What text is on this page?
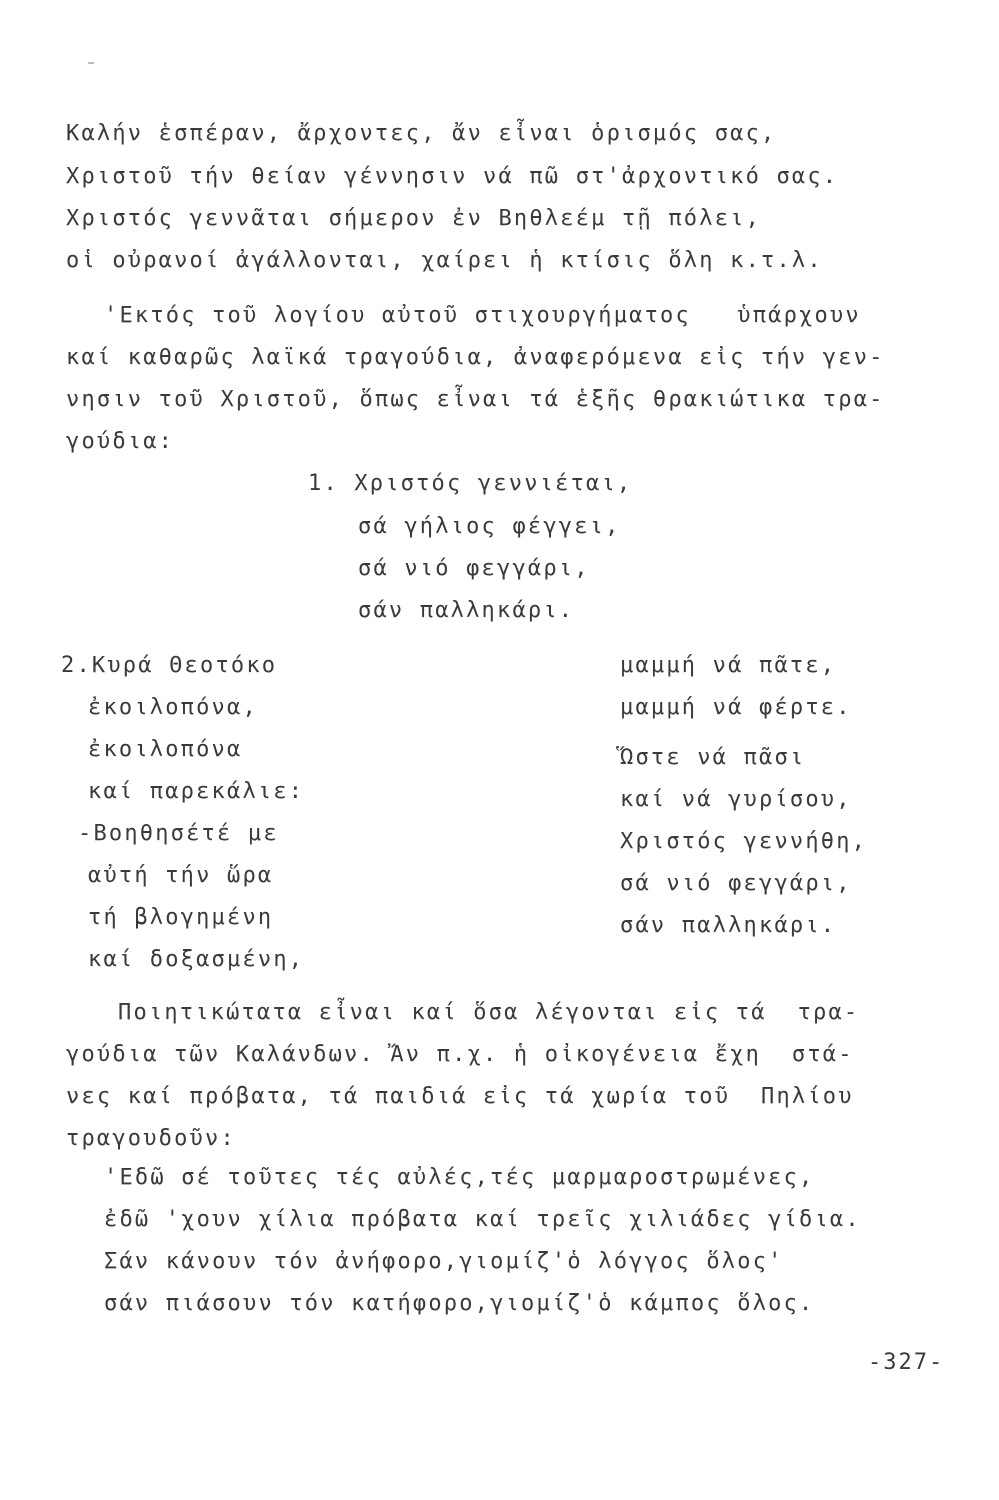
Καλήν ἑσπέραν, ἄρχοντες, ἄν εἶναι ὁρισμός σας,
Χριστοῦ τήν θείαν γέννησιν νά πῶ στ'ἀρχοντικό σας.
Χριστός γεννᾶται σήμερον ἐν Βηθλεέμ τῇ πόλει,
οἱ οὐρανοί ἀγάλλονται, χαίρει ἡ κτίσις ὅλη κ.τ.λ.
'Εκτός τοῦ λογίου αὐτοῦ στιχουργήματος   ὑπάρχουν
καί καθαρῶς λαϊκά τραγούδια, ἀναφερόμενα εἰς τήν γεν-
νησιν τοῦ Χριστοῦ, ὅπως εἶναι τά ἑξῆς θρακιώτικα τρα-
γούδια:
1. Χριστός γεννιέται,
σά γήλιος φέγγει,
σά νιό φεγγάρι,
σάν παλληκάρι.
2.Κυρά Θεοτόκο
ἐκοιλοπόνα,
ἐκοιλοπόνα
καί παρεκάλιε:
-Βοηθησέτέ με
αὐτή τήν ὥρα
τή βλογημένη
καί δοξασμένη,
μαμμή νά πᾶτε,
μαμμή νά φέρτε.
Ὥστε νά πᾶσι
καί νά γυρίσου,
Χριστός γεννήθη,
σά νιό φεγγάρι,
σάν παλληκάρι.
Ποιητικώτατα εἶναι καί ὅσα λέγονται εἰς τά  τρα-
γούδια τῶν Καλάνδων. Ἄν π.χ. ἡ οἰκογένεια ἔχη  στά-
νες καί πρόβατα, τά παιδιά εἰς τά χωρία τοῦ  Πηλίου
τραγουδοῦν:
'Εδῶ σέ τοῦτες τές αὐλές,τές μαρμαροστρωμένες,
ἐδῶ 'χουν χίλια πρόβατα καί τρεῖς χιλιάδες γίδια.
Σάν κάνουν τόν ἀνήφορο,γιομίζ'ὁ λόγγος ὅλος'
σάν πιάσουν τόν κατήφορο,γιομίζ'ὁ κάμπος ὅλος.
-327-
